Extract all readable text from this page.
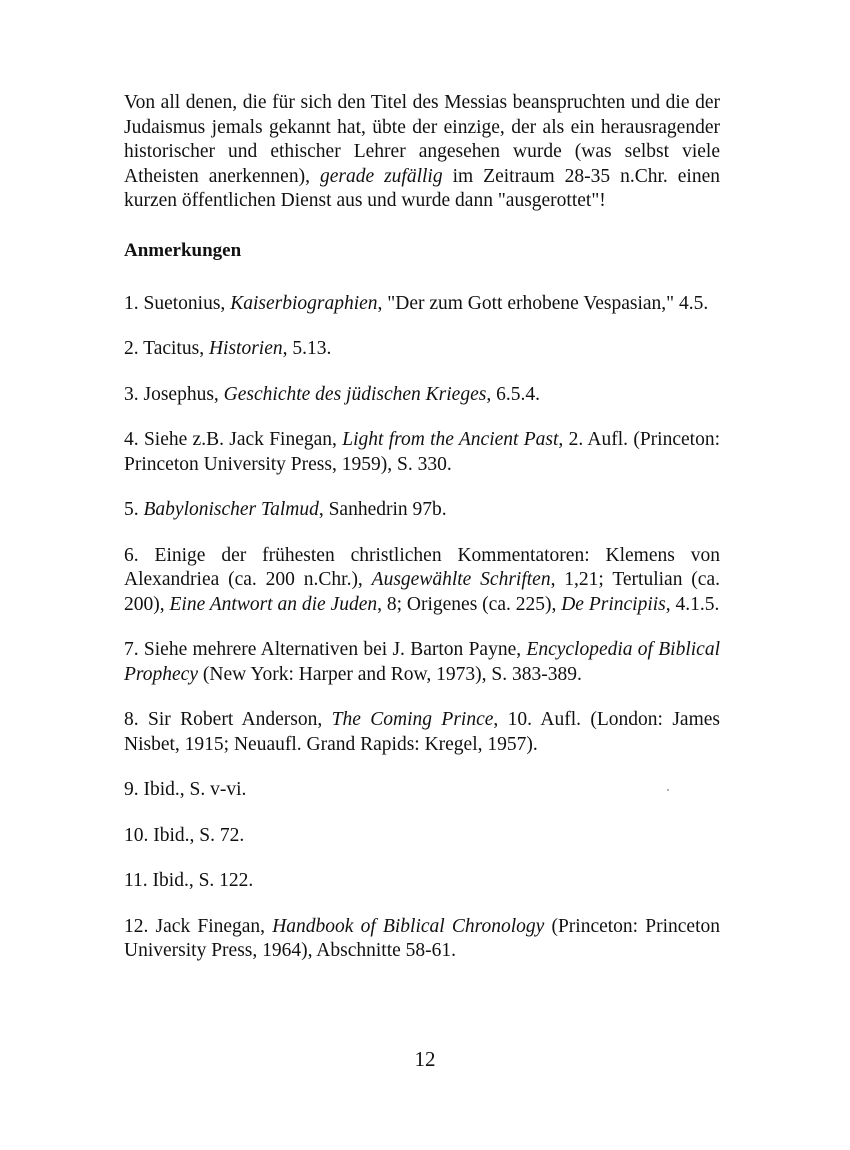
Von all denen, die für sich den Titel des Messias beanspruchten und die der Judaismus jemals gekannt hat, übte der einzige, der als ein herausragender historischer und ethischer Lehrer angesehen wurde (was selbst viele Atheisten anerkennen), gerade zufällig im Zeitraum 28-35 n.Chr. einen kurzen öffentlichen Dienst aus und wurde dann "ausgerottet"!

Anmerkungen
1. Suetonius, Kaiserbiographien, "Der zum Gott erhobene Vespasian," 4.5.
2. Tacitus, Historien, 5.13.
3. Josephus, Geschichte des jüdischen Krieges, 6.5.4.
4. Siehe z.B. Jack Finegan, Light from the Ancient Past, 2. Aufl. (Princeton: Princeton University Press, 1959), S. 330.
5. Babylonischer Talmud, Sanhedrin 97b.
6. Einige der frühesten christlichen Kommentatoren: Klemens von Alexandriea (ca. 200 n.Chr.), Ausgewählte Schriften, 1,21; Tertulian (ca. 200), Eine Antwort an die Juden, 8; Origenes (ca. 225), De Principiis, 4.1.5.
7. Siehe mehrere Alternativen bei J. Barton Payne, Encyclopedia of Biblical Prophecy (New York: Harper and Row, 1973), S. 383-389.
8. Sir Robert Anderson, The Coming Prince, 10. Aufl. (London: James Nisbet, 1915; Neuaufl. Grand Rapids: Kregel, 1957).
9. Ibid., S. v-vi.
10. Ibid., S. 72.
11. Ibid., S. 122.
12. Jack Finegan, Handbook of Biblical Chronology (Princeton: Princeton University Press, 1964), Abschnitte 58-61.
12
